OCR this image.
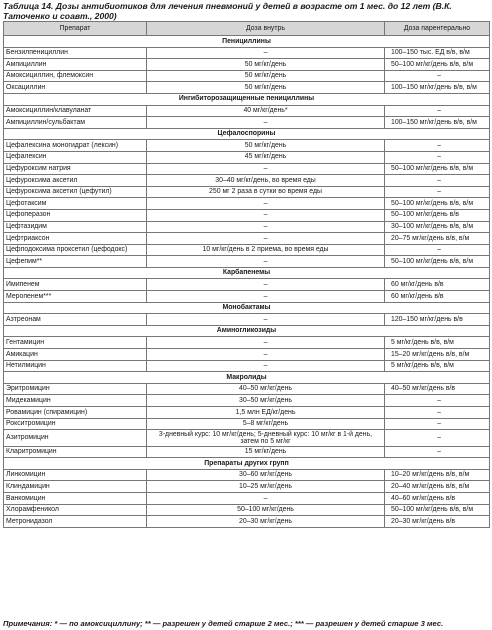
Таблица 14. Дозы антибиотиков для лечения пневмоний у детей в возрасте от 1 мес. до 12 лет (В.К. Таточенко и соавт., 2000)
Препарат	Доза внутрь	Доза парентерально
Пенициллины		
Бензилпенициллин	–	100–150 тыс. ЕД в/в, в/м
Ампициллин	50 мг/кг/день	50–100 мг/кг/день в/в, в/м
Амоксициллин, флемоксин	50 мг/кг/день	–
Оксациллин	50 мг/кг/день	100–150 мг/кг/день в/в, в/м
Ингибиторозащищенные пенициллины		
Амоксициллин/клавуланат	40 мг/кг/день*	–
Ампициллин/сульбактам	–	100–150 мг/кг/день в/в, в/м
Цефалоспорины		
Цефалексина моногидрат (лексин)	50 мг/кг/день	–
Цефалексин	45 мг/кг/день	–
Цефуроксим натрия	–	50–100 мг/кг/день в/в, в/м
Цефуроксима аксетил	30–40 мг/кг/день, во время еды	–
Цефуроксима аксетил (цефутил)	250 мг 2 раза в сутки во время еды	–
Цефотаксим	–	50–100 мг/кг/день в/в, в/м
Цефоперазон	–	50–100 мг/кг/день в/в
Цефтазидим	–	30–100 мг/кг/день в/в, в/м
Цефтриаксон	–	20–75 мг/кг/день в/в, в/м
Цефподоксима проксетил (цефодокс)	10 мг/кг/день в 2 приема, во время еды	–
Цефепим**	–	50–100 мг/кг/день в/в, в/м
Карбапенемы		
Имипенем	–	60 мг/кг/день в/в
Меропенем***	–	60 мг/кг/день в/в
Монобактамы		
Азтреонам	–	120–150 мг/кг/день в/в
Аминогликозиды		
Гентамицин	–	5 мг/кг/день в/в, в/м
Амикацин	–	15–20 мг/кг/день в/в, в/м
Нетилмицин	–	5 мг/кг/день в/в, в/м
Макролиды		
Эритромицин	40–50 мг/кг/день	40–50 мг/кг/день в/в
Мидекамицин	30–50 мг/кг/день	–
Ровамицин (спирамицин)	1,5 млн ЕД/кг/день	–
Рокситромицин	5–8 мг/кг/день	–
Азитромицин	3-дневный курс: 10 мг/кг/день; 5-дневный курс: 10 мг/кг в 1-й день, затем по 5 мг/кг	–
Кларитромицин	15 мг/кг/день	–
Препараты других групп		
Линкомицин	30–60 мг/кг/день	10–20 мг/кг/день в/в, в/м
Клиндамицин	10–25 мг/кг/день	20–40 мг/кг/день в/в, в/м
Ванкомицин	–	40–60 мг/кг/день в/в
Хлорамфеникол	50–100 мг/кг/день	50–100 мг/кг/день в/в, в/м
Метронидазол	20–30 мг/кг/день	20–30 мг/кг/день в/в
Примечания: * — по амоксициллину; ** — разрешен у детей старше 2 мес.; *** — разрешен у детей старше 3 мес.
